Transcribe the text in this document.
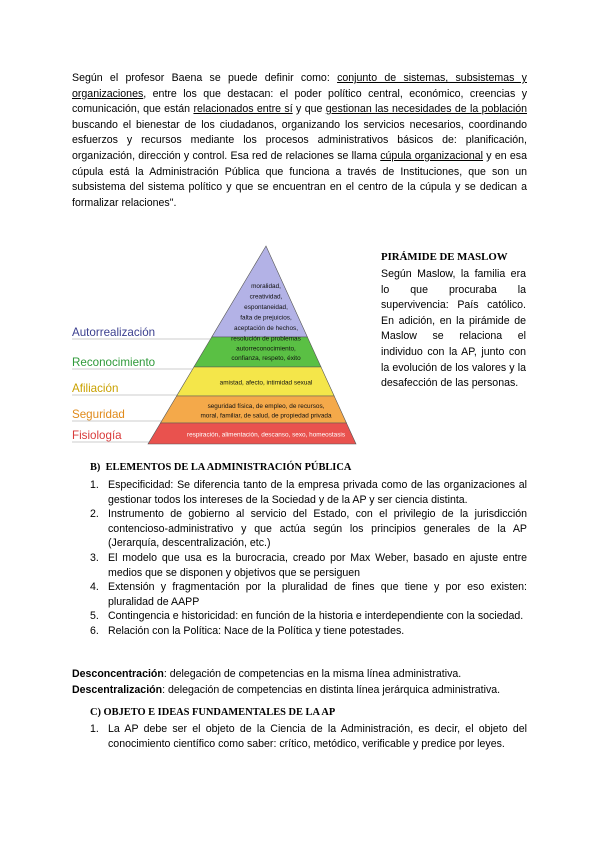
Según el profesor Baena se puede definir como: conjunto de sistemas, subsistemas y organizaciones, entre los que destacan: el poder político central, económico, creencias y comunicación, que están relacionados entre sí y que gestionan las necesidades de la población buscando el bienestar de los ciudadanos, organizando los servicios necesarios, coordinando esfuerzos y recursos mediante los procesos administrativos básicos de: planificación, organización, dirección y control. Esa red de relaciones se llama cúpula organizacional y en esa cúpula está la Administración Pública que funciona a través de Instituciones, que son un subsistema del sistema político y que se encuentran en el centro de la cúpula y se dedican a formalizar relaciones".

moralidad,
creatividad,
espontaneidad,
falta de prejuicios,
aceptación de hechos,
resolución de problemas
autorreconocimiento,
confianza, respeto, éxito
amistad, afecto, intimidad sexual
seguridad física, de empleo, de recursos,
moral, familiar, de salud, de propiedad privada
respiración, alimentación, descanso, sexo, homeostasis
Autorrealización
Reconocimiento
Afiliación
Seguridad
Fisiología

PIRÁMIDE DE MASLOW

Según Maslow, la familia era lo que procuraba la supervivencia: País católico. En adición, en la pirámide de Maslow se relaciona el individuo con la AP, junto con la evolución de los valores y la desafección de las personas.

B)  ELEMENTOS DE LA ADMINISTRACIÓN PÚBLICA

1. Especificidad: Se diferencia tanto de la empresa privada como de las organizaciones al gestionar todos los intereses de la Sociedad y de la AP y ser ciencia distinta.
2. Instrumento de gobierno al servicio del Estado, con el privilegio de la jurisdicción contencioso-administrativo y que actúa según los principios generales de la AP (Jerarquía, descentralización, etc.)
3. El modelo que usa es la burocracia, creado por Max Weber, basado en ajuste entre medios que se disponen y objetivos que se persiguen
4. Extensión y fragmentación por la pluralidad de fines que tiene y por eso existen: pluralidad de AAPP
5. Contingencia e historicidad: en función de la historia e interdependiente con la sociedad.
6. Relación con la Política: Nace de la Política y tiene potestades.
Desconcentración: delegación de competencias en la misma línea administrativa.
Descentralización: delegación de competencias en distinta línea jerárquica administrativa.

C) OBJETO E IDEAS FUNDAMENTALES DE LA AP

1. La AP debe ser el objeto de la Ciencia de la Administración, es decir, el objeto del conocimiento científico como saber: crítico, metódico, verificable y predice por leyes.
